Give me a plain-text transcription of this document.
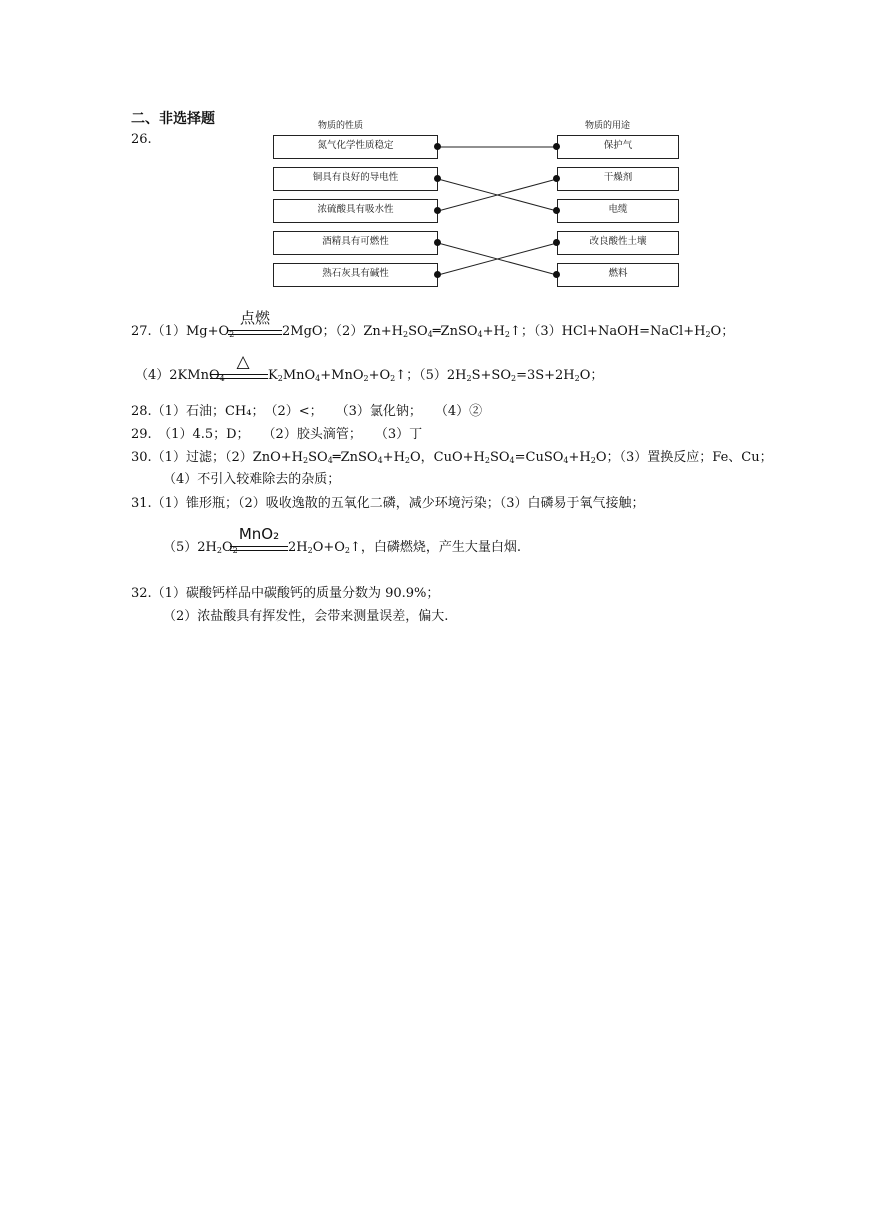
二、非选择题
26.
物质的性质	物质的用途
氮气化学性质稳定
铜具有良好的导电性
浓硫酸具有吸水性
酒精具有可燃性
熟石灰具有碱性
保护气
干燥剂
电缆
改良酸性土壤
燃料
点燃
$27.(1)Mg+O_2$	2MgO；$(2)Zn+H_2SO_4═ZnSO_4+H_2↑$；$(3)HCl+NaOH=NaCl+H_2O$；
△
（4）2KMnO$_4$	$K_2MnO_4+MnO_2+O_2↑$；$(5)2H_2S+SO_2=3S+2H_2O$；
28.（1）石油；CH₄；　（2）<；　　（3）氯化钠；　　（4）②
29.　（1）4.5；D；　　（2）胶头滴管；　　（3）丁
30.（1）过滤；$(2)ZnO+H_2SO_4═ZnSO_4+H_2O$，$CuO+H_2SO_4=CuSO_4+H_2O$；（3）置换反应；Fe、Cu；
（4）不引入较难除去的杂质；
31.（1）锥形瓶；（2）吸收逸散的五氧化二磷，减少环境污染；（3）白磷易于氧气接触；
MnO₂
$(5)2H_2O_2$	$2H_2O+O_2↑$，白磷燃烧，产生大量白烟.
32.（1）碳酸钙样品中碳酸钙的质量分数为 90.9%；
（2）浓盐酸具有挥发性，会带来测量误差，偏大.
